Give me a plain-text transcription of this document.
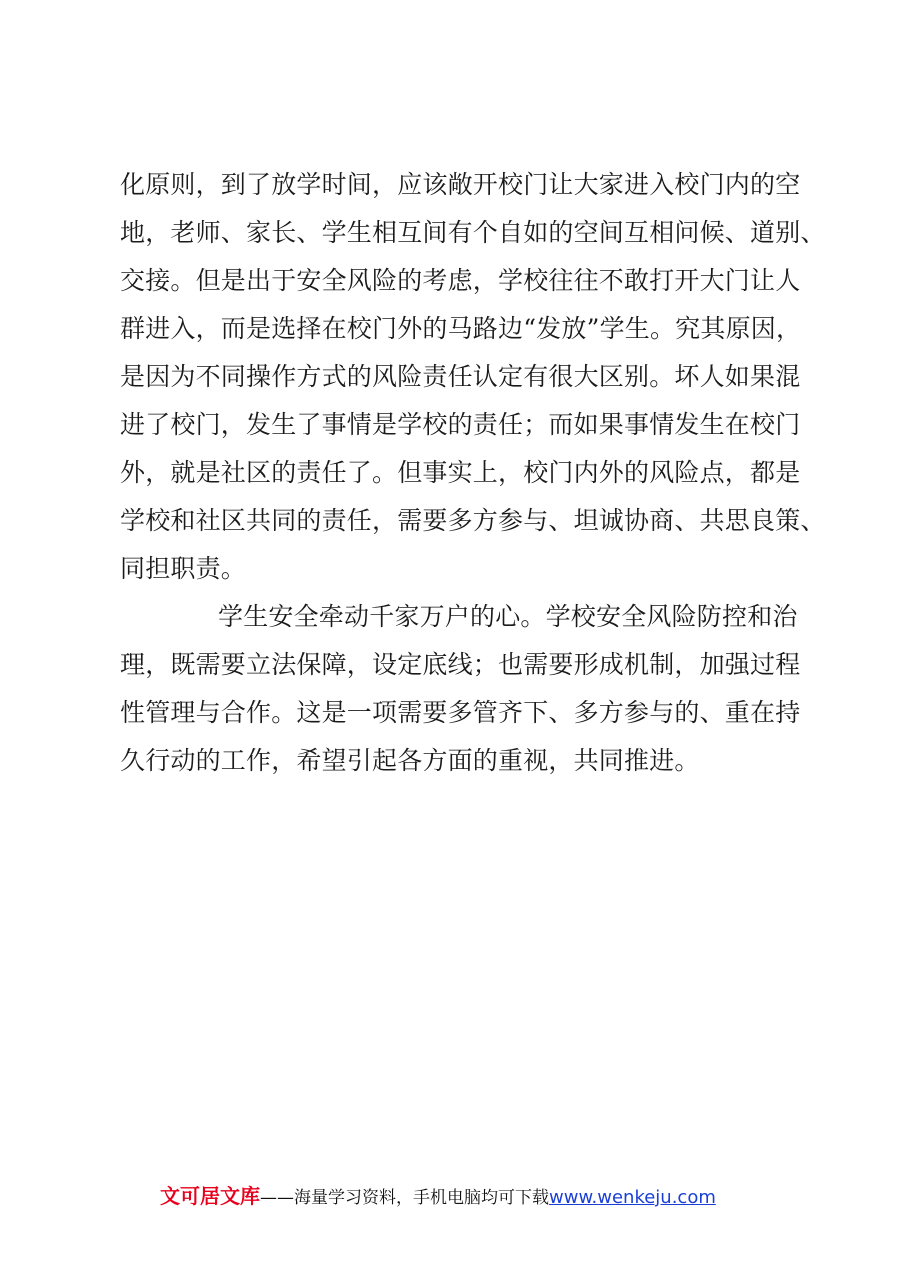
化原则，到了放学时间，应该敞开校门让大家进入校门内的空
地，老师、家长、学生相互间有个自如的空间互相问候、道别、
交接。但是出于安全风险的考虑，学校往往不敢打开大门让人
群进入，而是选择在校门外的马路边“发放”学生。究其原因，
是因为不同操作方式的风险责任认定有很大区别。坏人如果混
进了校门，发生了事情是学校的责任；而如果事情发生在校门
外，就是社区的责任了。但事实上，校门内外的风险点，都是
学校和社区共同的责任，需要多方参与、坦诚协商、共思良策、
同担职责。
学生安全牵动千家万户的心。学校安全风险防控和治
理，既需要立法保障，设定底线；也需要形成机制，加强过程
性管理与合作。这是一项需要多管齐下、多方参与的、重在持
久行动的工作，希望引起各方面的重视，共同推进。
文可居文库——海量学习资料，手机电脑均可下载www.wenkeju.com
